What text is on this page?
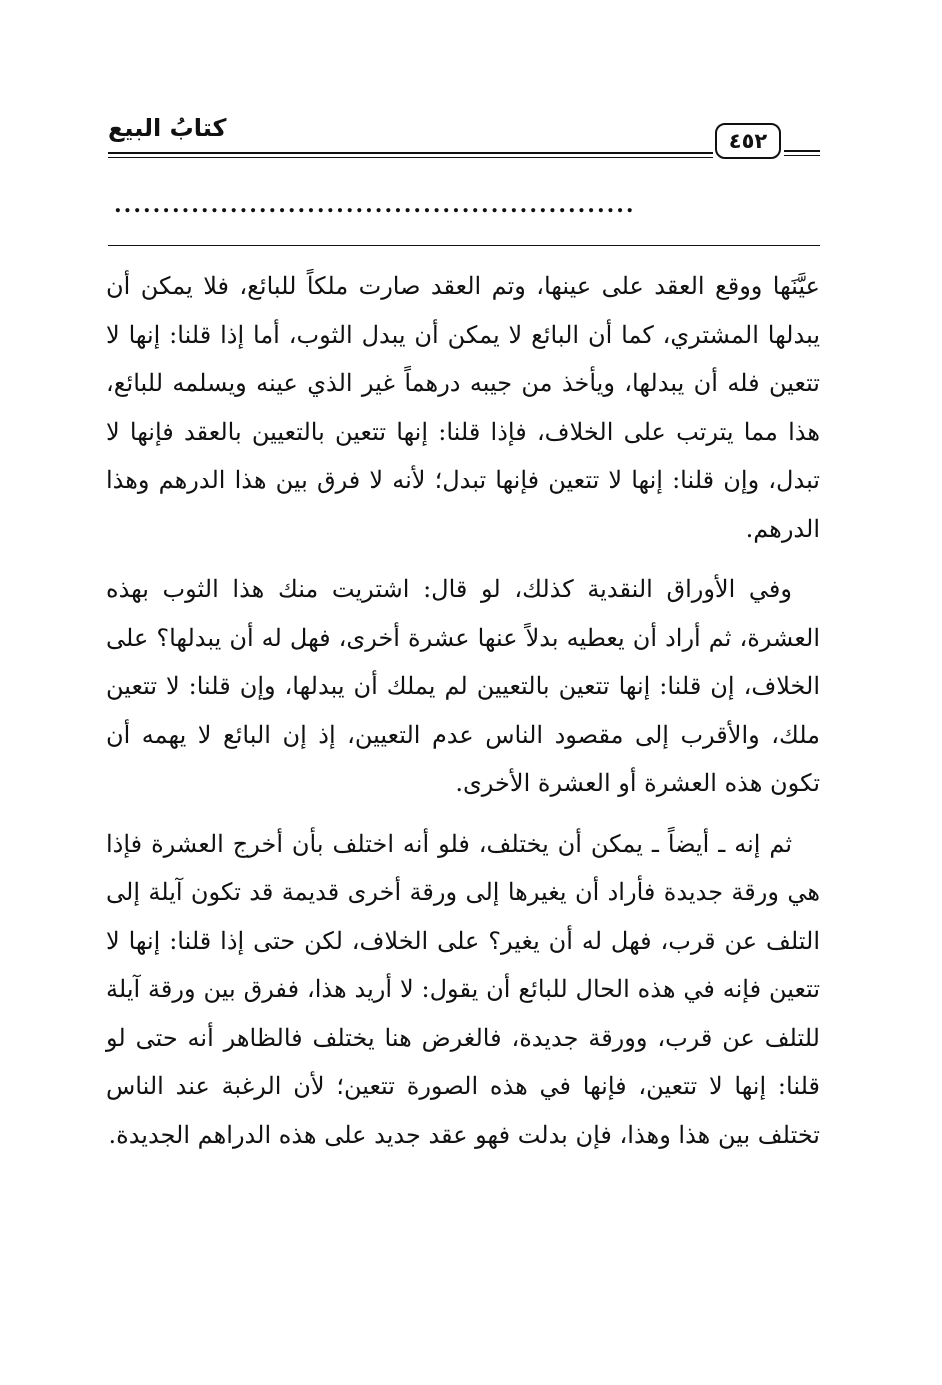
كتابُ البيع	٤٥٢
......................................................

عيَّنَها ووقع العقد على عينها، وتم العقد صارت ملكاً للبائع، فلا يمكن أن يبدلها المشتري، كما أن البائع لا يمكن أن يبدل الثوب، أما إذا قلنا: إنها لا تتعين فله أن يبدلها، ويأخذ من جيبه درهماً غير الذي عينه ويسلمه للبائع، هذا مما يترتب على الخلاف، فإذا قلنا: إنها تتعين بالتعيين بالعقد فإنها لا تبدل، وإن قلنا: إنها لا تتعين فإنها تبدل؛ لأنه لا فرق بين هذا الدرهم وهذا الدرهم.

وفي الأوراق النقدية كذلك، لو قال: اشتريت منك هذا الثوب بهذه العشرة، ثم أراد أن يعطيه بدلاً عنها عشرة أخرى، فهل له أن يبدلها؟ على الخلاف، إن قلنا: إنها تتعين بالتعيين لم يملك أن يبدلها، وإن قلنا: لا تتعين ملك، والأقرب إلى مقصود الناس عدم التعيين، إذ إن البائع لا يهمه أن تكون هذه العشرة أو العشرة الأخرى.

ثم إنه ـ أيضاً ـ يمكن أن يختلف، فلو أنه اختلف بأن أخرج العشرة فإذا هي ورقة جديدة فأراد أن يغيرها إلى ورقة أخرى قديمة قد تكون آيلة إلى التلف عن قرب، فهل له أن يغير؟ على الخلاف، لكن حتى إذا قلنا: إنها لا تتعين فإنه في هذه الحال للبائع أن يقول: لا أريد هذا، ففرق بين ورقة آيلة للتلف عن قرب، وورقة جديدة، فالغرض هنا يختلف فالظاهر أنه حتى لو قلنا: إنها لا تتعين، فإنها في هذه الصورة تتعين؛ لأن الرغبة عند الناس تختلف بين هذا وهذا، فإن بدلت فهو عقد جديد على هذه الدراهم الجديدة.
